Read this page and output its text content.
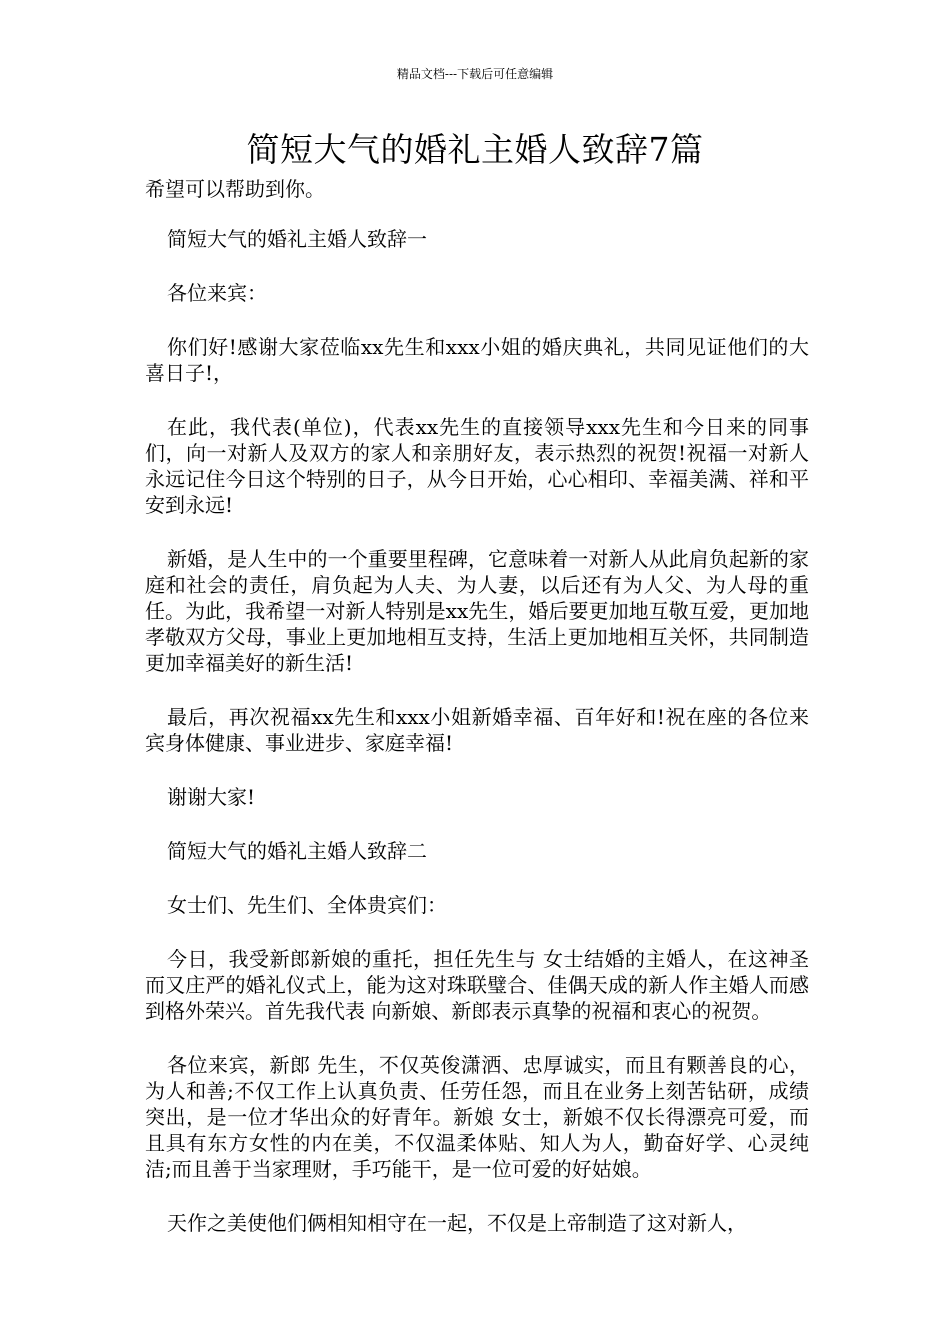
精品文档---下载后可任意编辑
简短大气的婚礼主婚人致辞7篇

希望可以帮助到你。

简短大气的婚礼主婚人致辞一

各位来宾：

你们好!感谢大家莅临xx先生和xxx小姐的婚庆典礼，共同见证他们的大喜日子!，

在此，我代表(单位)，代表xx先生的直接领导xxx先生和今日来的同事们，向一对新人及双方的家人和亲朋好友，表示热烈的祝贺!祝福一对新人永远记住今日这个特别的日子，从今日开始，心心相印、幸福美满、祥和平安到永远!

新婚，是人生中的一个重要里程碑，它意味着一对新人从此肩负起新的家庭和社会的责任，肩负起为人夫、为人妻，以后还有为人父、为人母的重任。为此，我希望一对新人特别是xx先生，婚后要更加地互敬互爱，更加地孝敬双方父母，事业上更加地相互支持，生活上更加地相互关怀，共同制造更加幸福美好的新生活!

最后，再次祝福xx先生和xxx小姐新婚幸福、百年好和!祝在座的各位来宾身体健康、事业进步、家庭幸福!

谢谢大家!

简短大气的婚礼主婚人致辞二

女士们、先生们、全体贵宾们：

今日，我受新郎新娘的重托，担任先生与 女士结婚的主婚人，在这神圣而又庄严的婚礼仪式上，能为这对珠联璧合、佳偶天成的新人作主婚人而感到格外荣兴。首先我代表 向新娘、新郎表示真挚的祝福和衷心的祝贺。

各位来宾，新郎 先生，不仅英俊潇洒、忠厚诚实，而且有颗善良的心，为人和善;不仅工作上认真负责、任劳任怨，而且在业务上刻苦钻研，成绩突出，是一位才华出众的好青年。新娘 女士，新娘不仅长得漂亮可爱，而且具有东方女性的内在美，不仅温柔体贴、知人为人，勤奋好学、心灵纯洁;而且善于当家理财，手巧能干，是一位可爱的好姑娘。

天作之美使他们俩相知相守在一起，不仅是上帝制造了这对新人，
